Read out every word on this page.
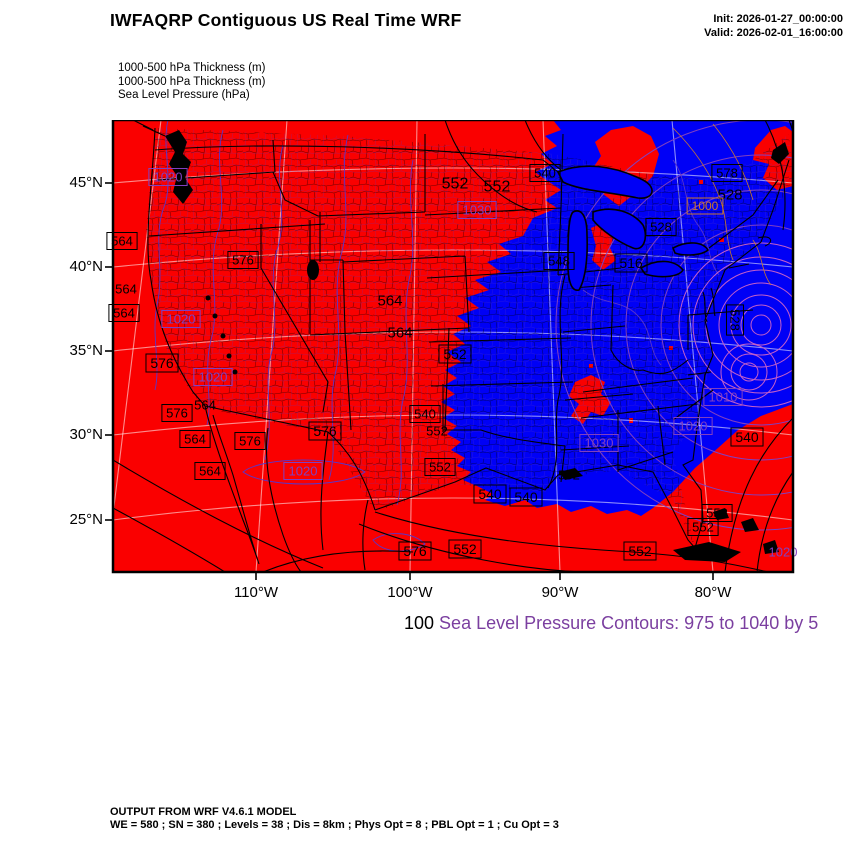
IWFAQRP Contiguous US Real Time WRF	Init: 2026-01-27_00:00:00
Valid: 2026-02-01_16:00:00
1000-500 hPa Thickness (m)
1000-500 hPa Thickness (m)
Sea Level Pressure (hPa)
552 552
540
1030
578
528
1000
528
548	516
528
1020
564
576
564
564 1020
576
1020
564
564
552
540
564
576
576
564	576
564	1020
552
552
552
540 540
576 552
1030
1010
1020
540
552
552
552	1020
45°N
40°N
35°N
30°N
25°N
110°W	100°W	90°W	80°W
100 Sea Level Pressure Contours: 975 to 1040 by 5
OUTPUT FROM WRF V4.6.1 MODEL
WE = 580 ; SN = 380 ; Levels = 38 ; Dis = 8km ; Phys Opt = 8 ; PBL Opt = 1 ; Cu Opt = 3
